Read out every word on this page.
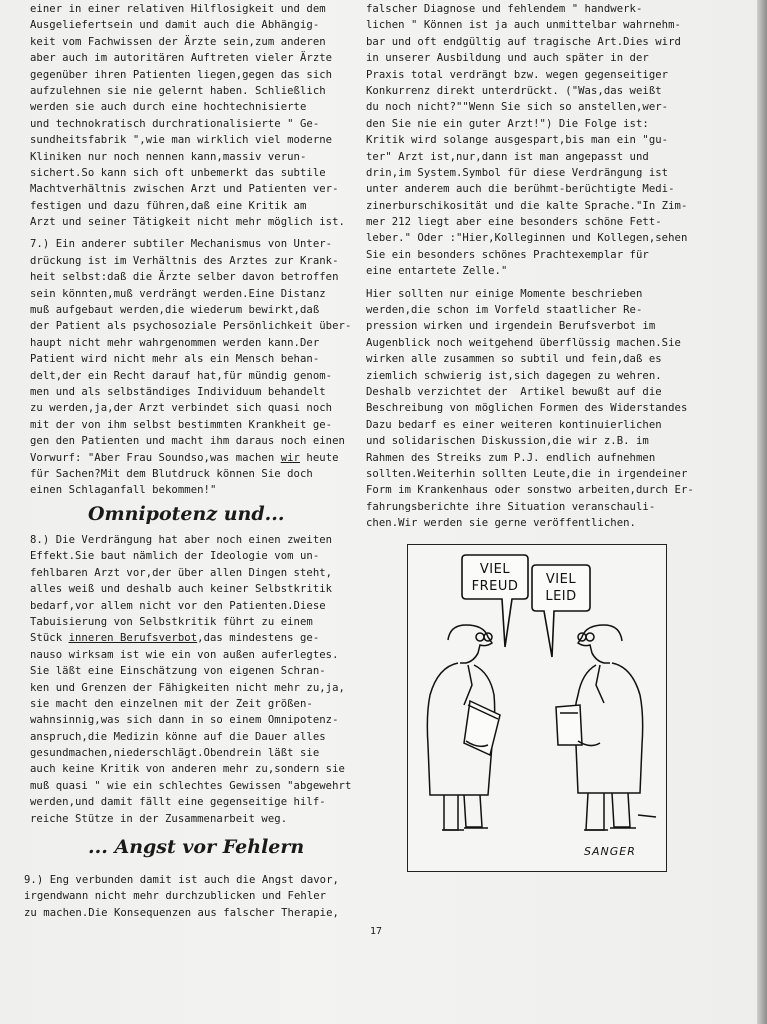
einer in einer relativen Hilflosigkeit und dem
Ausgeliefertsein und damit auch die Abhängig-
keit vom Fachwissen der Ärzte sein,zum anderen
aber auch im autoritären Auftreten vieler Ärzte
gegenüber ihren Patienten liegen,gegen das sich
aufzulehnen sie nie gelernt haben. Schließlich
werden sie auch durch eine hochtechnisierte
und technokratisch durchrationalisierte " Ge-
sundheitsfabrik ",wie man wirklich viel moderne
Kliniken nur noch nennen kann,massiv verun-
sichert.So kann sich oft unbemerkt das subtile
Machtverhältnis zwischen Arzt und Patienten ver-
festigen und dazu führen,daß eine Kritik am
Arzt und seiner Tätigkeit nicht mehr möglich ist.
7.) Ein anderer subtiler Mechanismus von Unter-
drückung ist im Verhältnis des Arztes zur Krank-
heit selbst:daß die Ärzte selber davon betroffen
sein könnten,muß verdrängt werden.Eine Distanz
muß aufgebaut werden,die wiederum bewirkt,daß
der Patient als psychosoziale Persönlichkeit über-
haupt nicht mehr wahrgenommen werden kann.Der
Patient wird nicht mehr als ein Mensch behan-
delt,der ein Recht darauf hat,für mündig genom-
men und als selbständiges Individuum behandelt
zu werden,ja,der Arzt verbindet sich quasi noch
mit der von ihm selbst bestimmten Krankheit ge-
gen den Patienten und macht ihm daraus noch einen
Vorwurf: "Aber Frau Soundso,was machen wir heute
für Sachen?Mit dem Blutdruck können Sie doch
einen Schlaganfall bekommen!"
Omnipotenz und...
8.) Die Verdrängung hat aber noch einen zweiten
Effekt.Sie baut nämlich der Ideologie vom un-
fehlbaren Arzt vor,der über allen Dingen steht,
alles weiß und deshalb auch keiner Selbstkritik
bedarf,vor allem nicht vor den Patienten.Diese
Tabuisierung von Selbstkritik führt zu einem
Stück inneren Berufsverbot,das mindestens ge-
nauso wirksam ist wie ein von außen auferlegtes.
Sie läßt eine Einschätzung von eigenen Schran-
ken und Grenzen der Fähigkeiten nicht mehr zu,ja,
sie macht den einzelnen mit der Zeit größen-
wahnsinnig,was sich dann in so einem Omnipotenz-
anspruch,die Medizin könne auf die Dauer alles
gesundmachen,niederschlägt.Obendrein läßt sie
auch keine Kritik von anderen mehr zu,sondern sie
muß quasi " wie ein schlechtes Gewissen "abgewehrt
werden,und damit fällt eine gegenseitige hilf-
reiche Stütze in der Zusammenarbeit weg.
... Angst vor Fehlern
9.) Eng verbunden damit ist auch die Angst davor,
irgendwann nicht mehr durchzublicken und Fehler
zu machen.Die Konsequenzen aus falscher Therapie,
falscher Diagnose und fehlendem " handwerk-
lichen " Können ist ja auch unmittelbar wahrnehm-
bar und oft endgültig auf tragische Art.Dies wird
in unserer Ausbildung und auch später in der
Praxis total verdrängt bzw. wegen gegenseitiger
Konkurrenz direkt unterdrückt. ("Was,das weißt
du noch nicht?""Wenn Sie sich so anstellen,wer-
den Sie nie ein guter Arzt!") Die Folge ist:
Kritik wird solange ausgespart,bis man ein "gu-
ter" Arzt ist,nur,dann ist man angepasst und
drin,im System.Symbol für diese Verdrängung ist
unter anderem auch die berühmt-berüchtigte Medi-
zinerburschikosität und die kalte Sprache."In Zim-
mer 212 liegt aber eine besonders schöne Fett-
leber." Oder :"Hier,Kolleginnen und Kollegen,sehen
Sie ein besonders schönes Prachtexemplar für
eine entartete Zelle."
Hier sollten nur einige Momente beschrieben
werden,die schon im Vorfeld staatlicher Re-
pression wirken und irgendein Berufsverbot im
Augenblick noch weitgehend überflüssig machen.Sie
wirken alle zusammen so subtil und fein,daß es
ziemlich schwierig ist,sich dagegen zu wehren.
Deshalb verzichtet der  Artikel bewußt auf die
Beschreibung von möglichen Formen des Widerstandes
Dazu bedarf es einer weiteren kontinuierlichen
und solidarischen Diskussion,die wir z.B. im
Rahmen des Streiks zum P.J. endlich aufnehmen
sollten.Weiterhin sollten Leute,die in irgendeiner
Form im Krankenhaus oder sonstwo arbeiten,durch Er-
fahrungsberichte ihre Situation veranschauli-
chen.Wir werden sie gerne veröffentlichen.
VIEL
FREUD VIEL
LEID
SANGER
17
